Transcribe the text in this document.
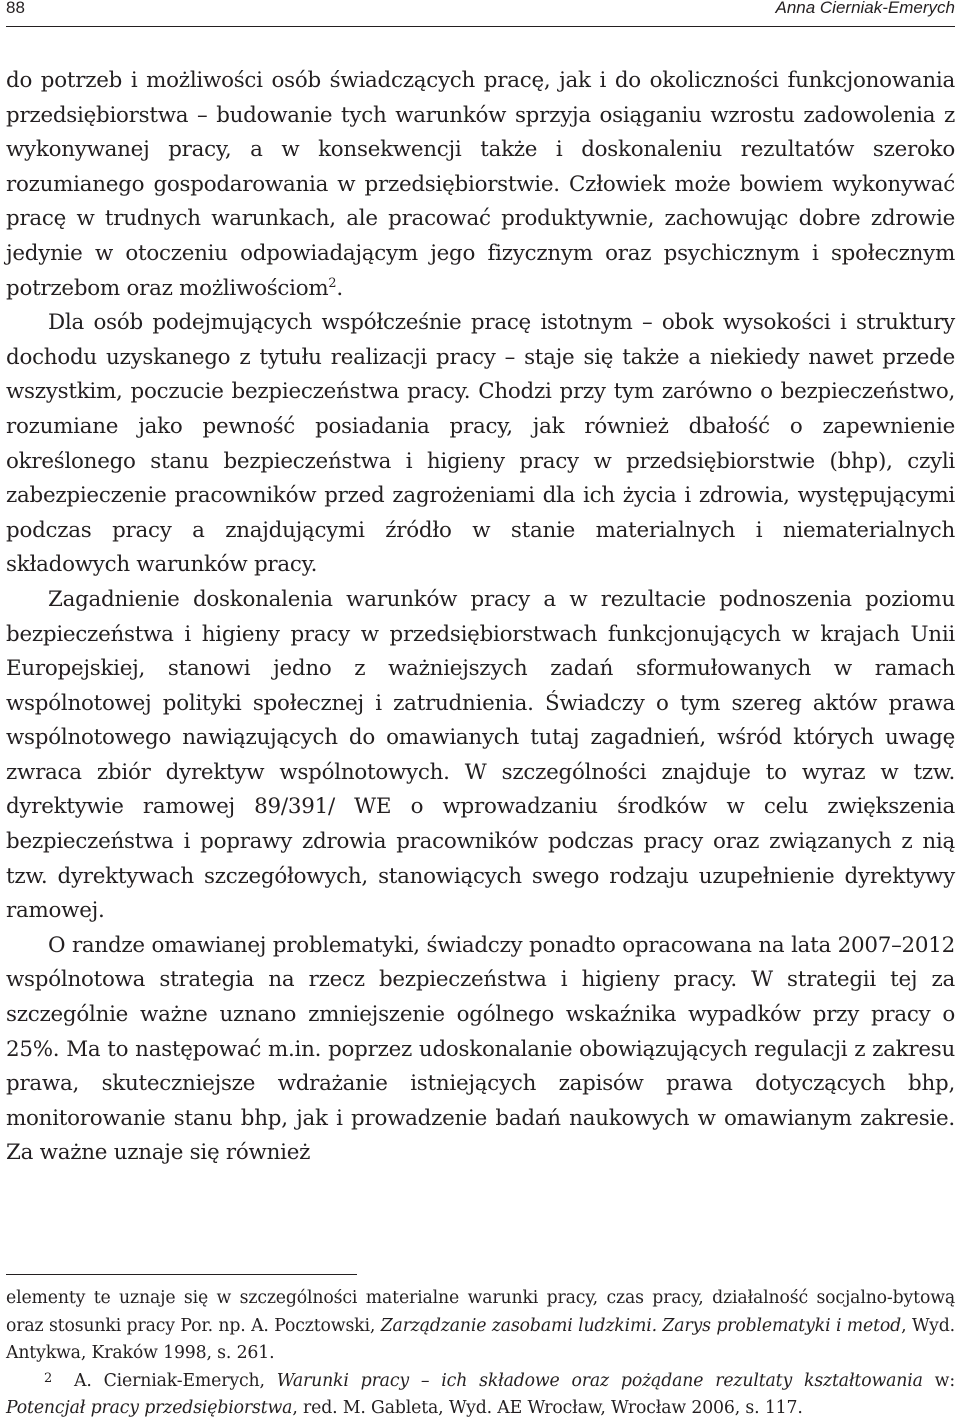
88	Anna Cierniak-Emerych

do potrzeb i możliwości osób świadczących pracę, jak i do okoliczności funkcjonowania przedsiębiorstwa – budowanie tych warunków sprzyja osiąganiu wzrostu zadowolenia z wykonywanej pracy, a w konsekwencji także i doskonaleniu rezultatów szeroko rozumianego gospodarowania w przedsiębiorstwie. Człowiek może bowiem wykonywać pracę w trudnych warunkach, ale pracować produktywnie, zachowując dobre zdrowie jedynie w otoczeniu odpowiadającym jego fizycznym oraz psychicznym i społecznym potrzebom oraz możliwościom$^2$.

Dla osób podejmujących współcześnie pracę istotnym – obok wysokości i struktury dochodu uzyskanego z tytułu realizacji pracy – staje się także a niekiedy nawet przede wszystkim, poczucie bezpieczeństwa pracy. Chodzi przy tym zarówno o bezpieczeństwo, rozumiane jako pewność posiadania pracy, jak również dbałość o zapewnienie określonego stanu bezpieczeństwa i higieny pracy w przedsiębiorstwie (bhp), czyli zabezpieczenie pracowników przed zagrożeniami dla ich życia i zdrowia, występującymi podczas pracy a znajdującymi źródło w stanie materialnych i niematerialnych składowych warunków pracy.

Zagadnienie doskonalenia warunków pracy a w rezultacie podnoszenia poziomu bezpieczeństwa i higieny pracy w przedsiębiorstwach funkcjonujących w krajach Unii Europejskiej, stanowi jedno z ważniejszych zadań sformułowanych w ramach wspólnotowej polityki społecznej i zatrudnienia. Świadczy o tym szereg aktów prawa wspólnotowego nawiązujących do omawianych tutaj zagadnień, wśród których uwagę zwraca zbiór dyrektyw wspólnotowych. W szczególności znajduje to wyraz w tzw. dyrektywie ramowej 89/391/ WE o wprowadzaniu środków w celu zwiększenia bezpieczeństwa i poprawy zdrowia pracowników podczas pracy oraz związanych z nią tzw. dyrektywach szczegółowych, stanowiących swego rodzaju uzupełnienie dyrektywy ramowej.

O randze omawianej problematyki, świadczy ponadto opracowana na lata 2007–2012 wspólnotowa strategia na rzecz bezpieczeństwa i higieny pracy. W strategii tej za szczególnie ważne uznano zmniejszenie ogólnego wskaźnika wypadków przy pracy o 25%. Ma to następować m.in. poprzez udoskonalanie obowiązujących regulacji z zakresu prawa, skuteczniejsze wdrażanie istniejących zapisów prawa dotyczących bhp, monitorowanie stanu bhp, jak i prowadzenie badań naukowych w omawianym zakresie. Za ważne uznaje się również

elementy te uznaje się w szczególności materialne warunki pracy, czas pracy, działalność socjalno-bytową oraz stosunki pracy Por. np. A. Pocztowski, Zarządzanie zasobami ludzkimi. Zarys problematyki i metod, Wyd. Antykwa, Kraków 1998, s. 261.

2 A. Cierniak-Emerych, Warunki pracy – ich składowe oraz pożądane rezultaty kształtowania w: Potencjał pracy przedsiębiorstwa, red. M. Gableta, Wyd. AE Wrocław, Wrocław 2006, s. 117.
